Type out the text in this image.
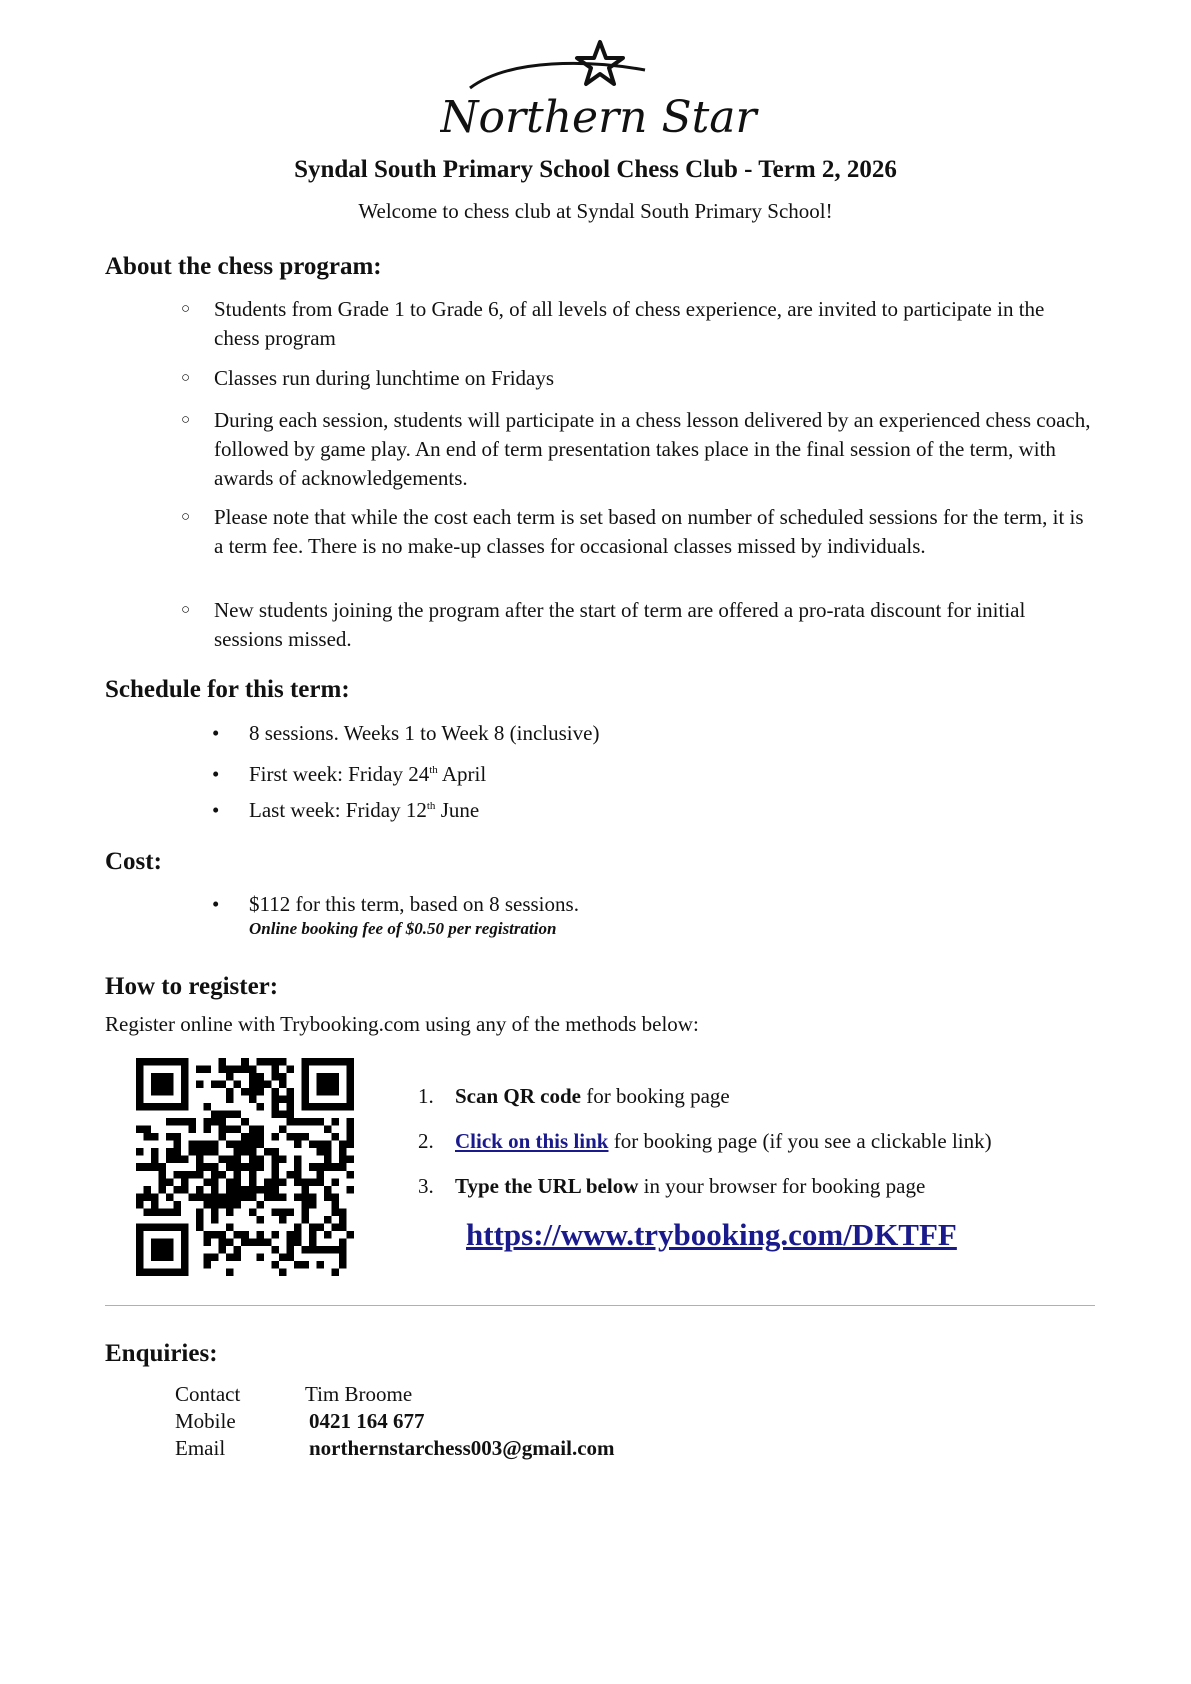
Northern Star
Syndal South Primary School Chess Club - Term 2, 2026
Welcome to chess club at Syndal South Primary School!
About the chess program:
○ Students from Grade 1 to Grade 6, of all levels of chess experience, are invited to participate in the chess program
○ Classes run during lunchtime on Fridays
○ During each session, students will participate in a chess lesson delivered by an experienced chess coach, followed by game play. An end of term presentation takes place in the final session of the term, with awards of acknowledgements.
○ Please note that while the cost each term is set based on number of scheduled sessions for the term, it is a term fee. There is no make-up classes for occasional classes missed by individuals.
○ New students joining the program after the start of term are offered a pro-rata discount for initial sessions missed.
Schedule for this term:
• 8 sessions. Weeks 1 to Week 8 (inclusive)
• First week: Friday 24th April
• Last week: Friday 12th June
Cost:
• $112 for this term, based on 8 sessions.
Online booking fee of $0.50 per registration
How to register:
Register online with Trybooking.com using any of the methods below:
1. Scan QR code for booking page
2. Click on this link for booking page (if you see a clickable link)
3. Type the URL below in your browser for booking page
https://www.trybooking.com/DKTFF
Enquiries:
Contact	Tim Broome
Mobile	0421 164 677
Email	northernstarchess003@gmail.com
